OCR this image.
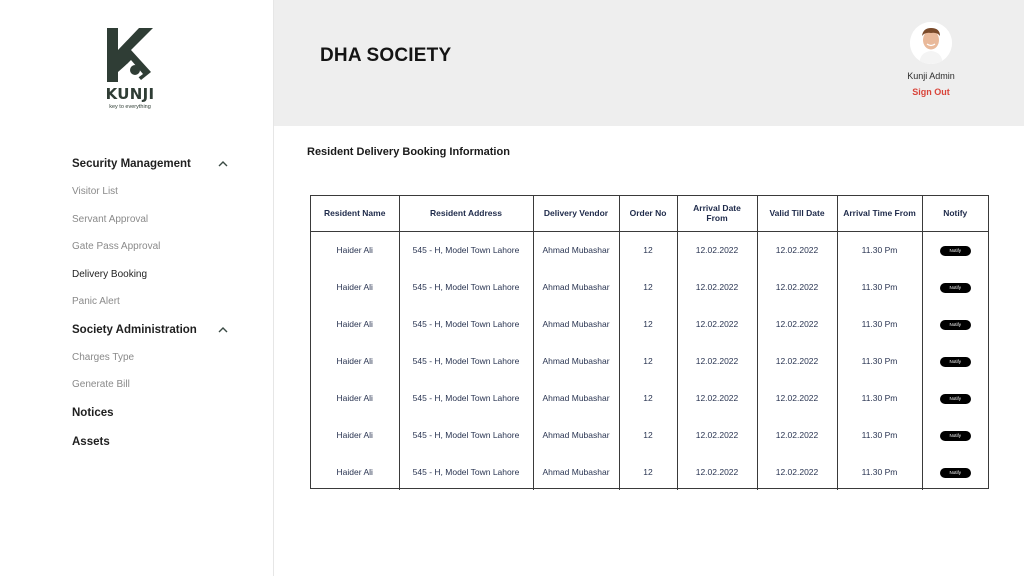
KUNJI
key to everything
Security Management
Visitor List
Servant Approval
Gate Pass Approval
Delivery Booking
Panic Alert
Society Administration
Charges Type
Generate Bill
Notices
Assets
DHA SOCIETY
Kunji Admin
Sign Out
Resident Delivery Booking Information
Resident Name	Resident Address	Delivery Vendor	Order No	Arrival Date From	Valid Till Date	Arrival Time From	Notify
Haider Ali	545 - H, Model Town Lahore	Ahmad Mubashar	12	12.02.2022	12.02.2022	11.30 Pm	Notify
Haider Ali	545 - H, Model Town Lahore	Ahmad Mubashar	12	12.02.2022	12.02.2022	11.30 Pm	Notify
Haider Ali	545 - H, Model Town Lahore	Ahmad Mubashar	12	12.02.2022	12.02.2022	11.30 Pm	Notify
Haider Ali	545 - H, Model Town Lahore	Ahmad Mubashar	12	12.02.2022	12.02.2022	11.30 Pm	Notify
Haider Ali	545 - H, Model Town Lahore	Ahmad Mubashar	12	12.02.2022	12.02.2022	11.30 Pm	Notify
Haider Ali	545 - H, Model Town Lahore	Ahmad Mubashar	12	12.02.2022	12.02.2022	11.30 Pm	Notify
Haider Ali	545 - H, Model Town Lahore	Ahmad Mubashar	12	12.02.2022	12.02.2022	11.30 Pm	Notify
